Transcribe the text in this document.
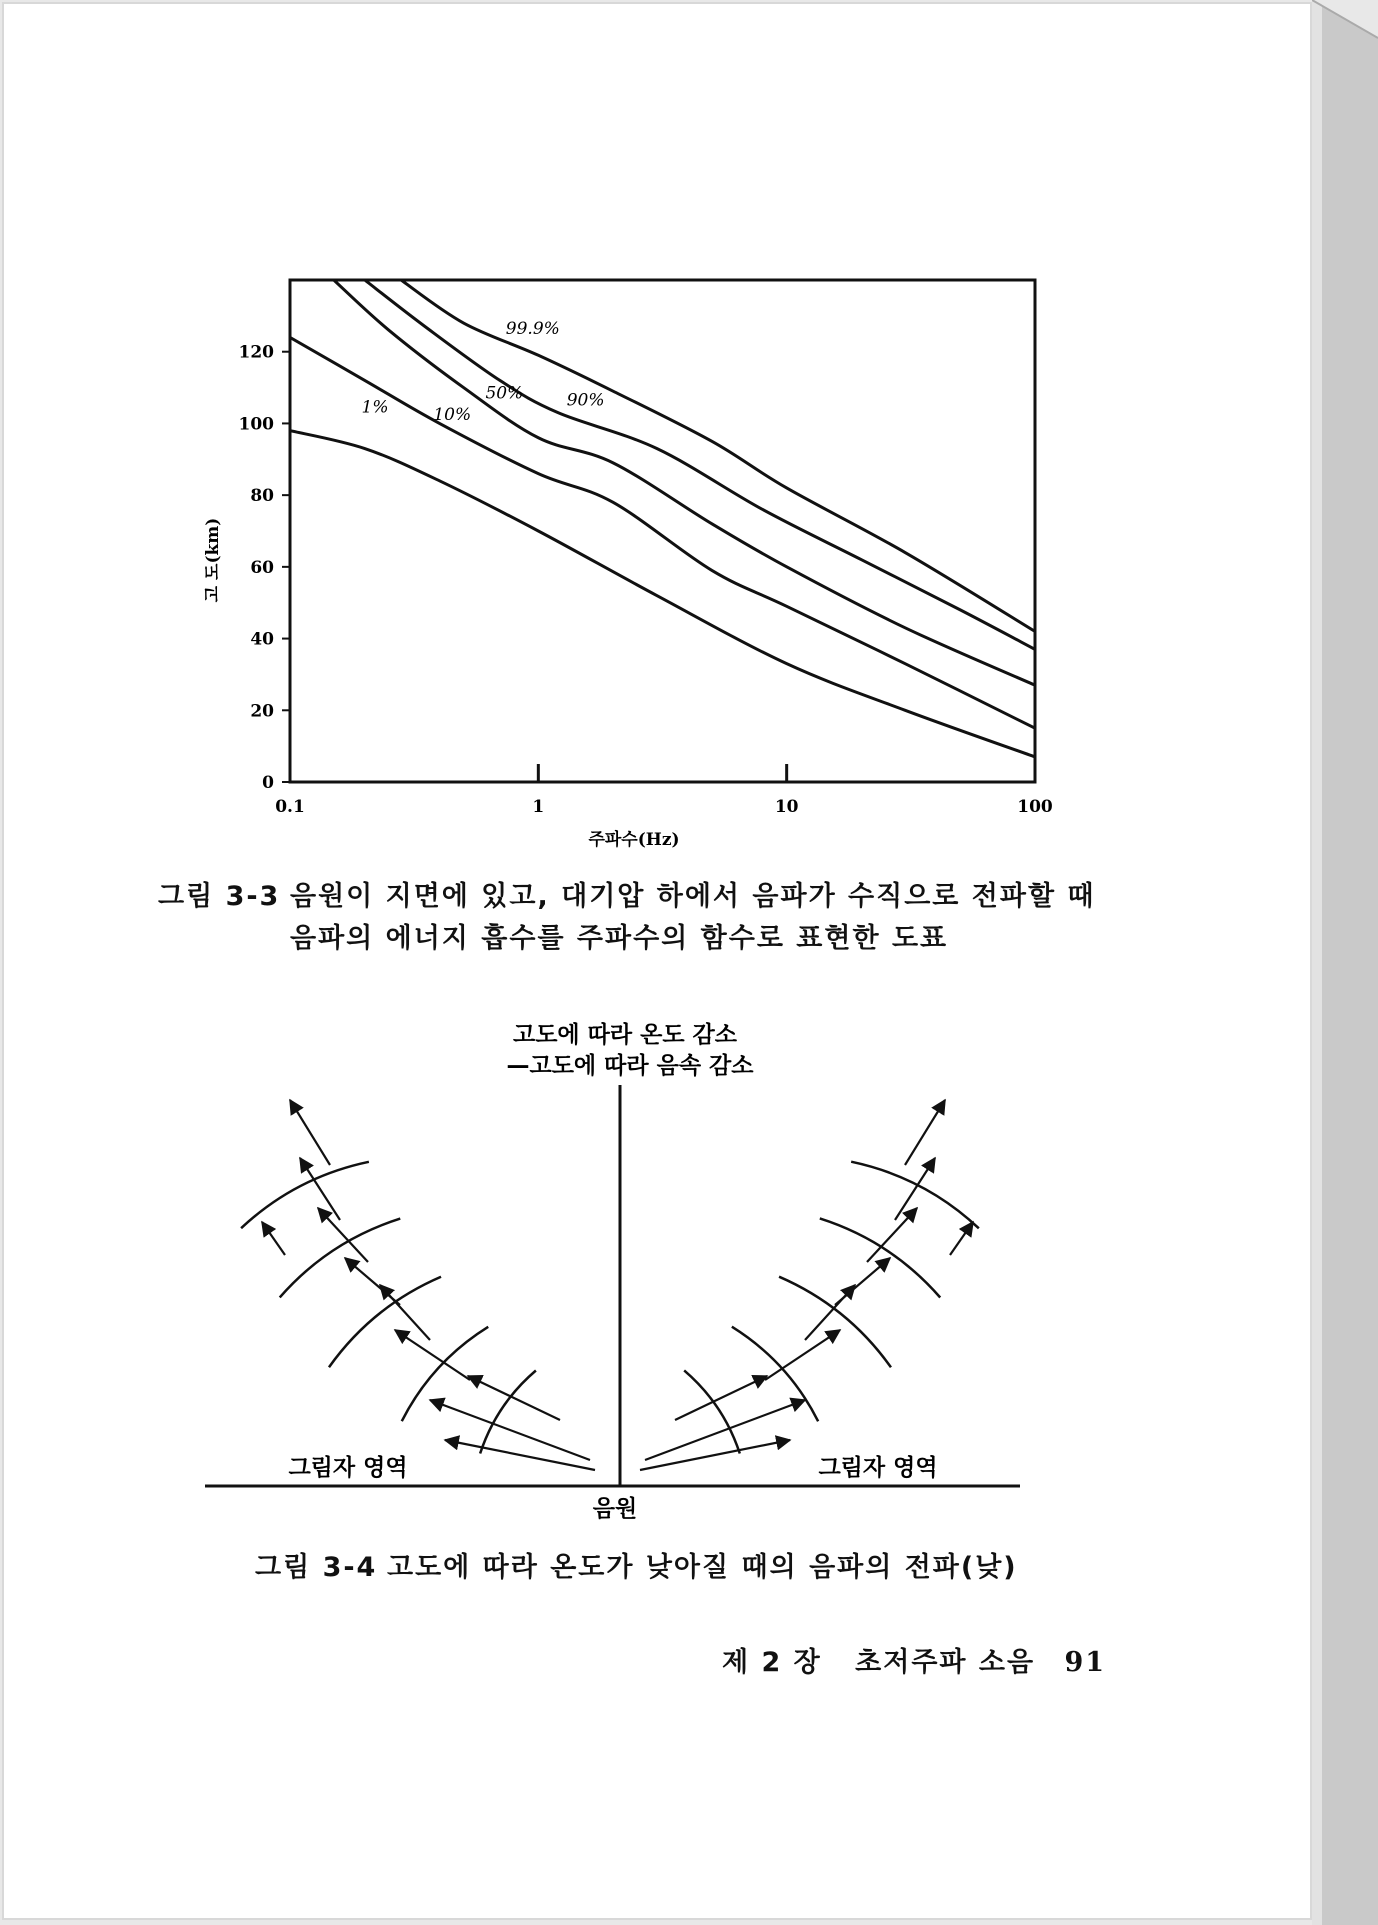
0
20
40
60
80
100
120
0.1	1	10	100
1%	10%
50%	90%
99.9%
주파수(Hz)
고 도(km)
그림 3-3 음원이 지면에 있고, 대기압 하에서 음파가 수직으로 전파할 때
음파의 에너지 흡수를 주파수의 함수로 표현한 도표
고도에 따라 온도 감소
—고도에 따라 음속 감소
그림자 영역	그림자 영역
음원
그림 3-4 고도에 따라 온도가 낮아질 때의 음파의 전파(낮)
제 2 장 초저주파 소음 91
